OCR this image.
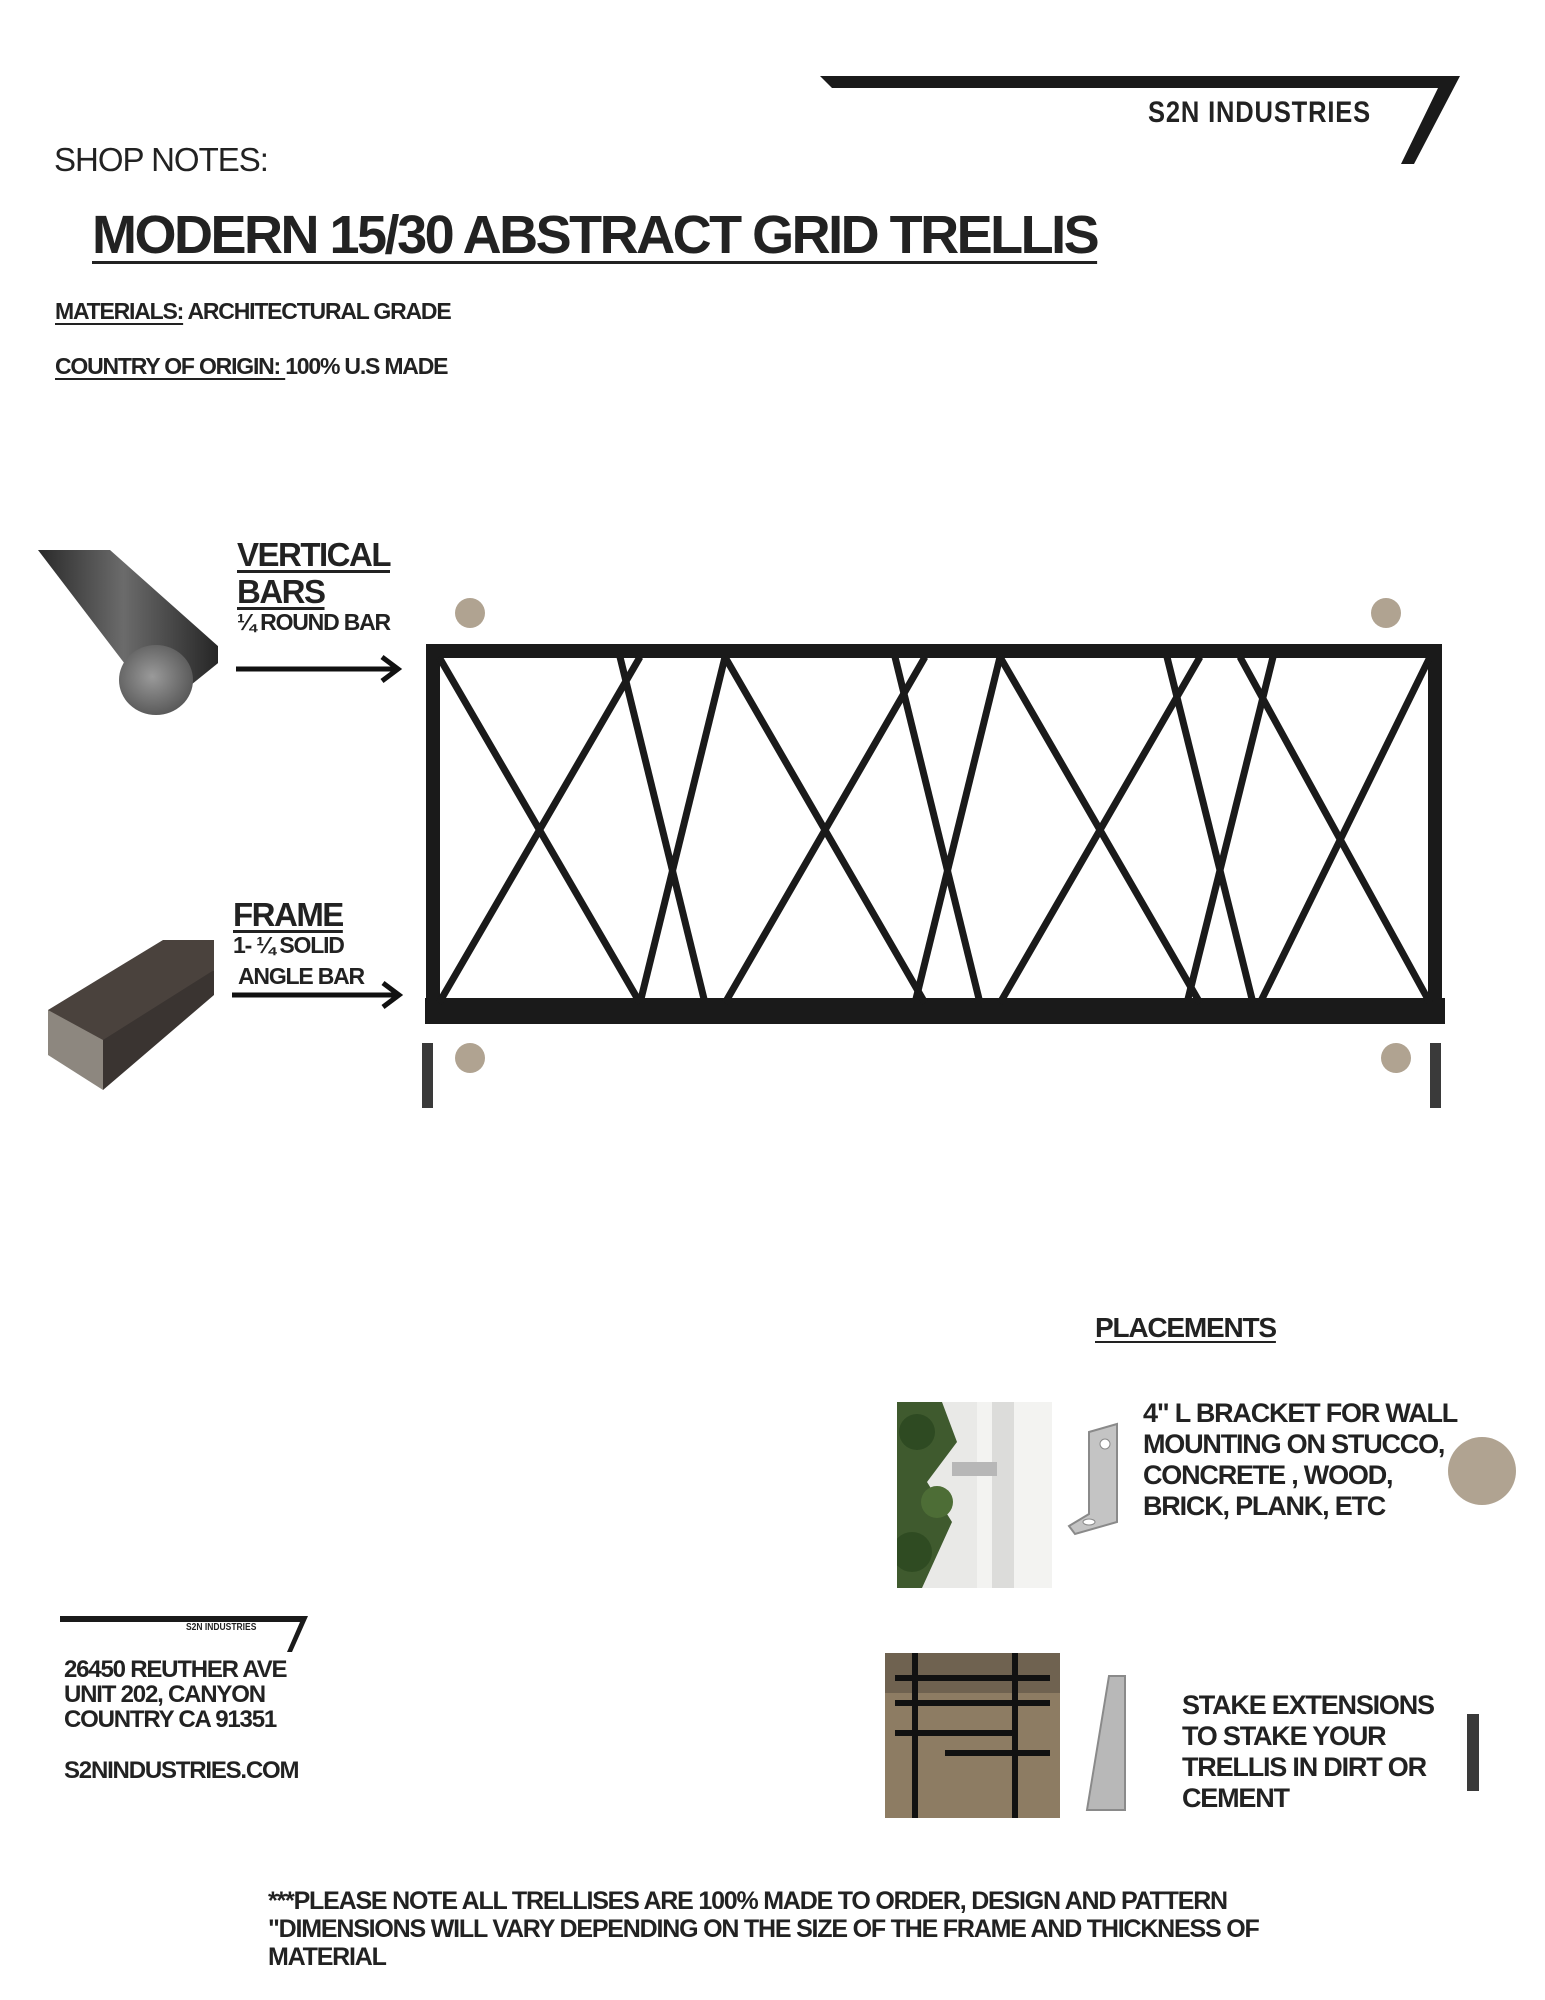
S2N INDUSTRIES
SHOP NOTES:
MODERN 15/30 ABSTRACT GRID TRELLIS
MATERIALS: ARCHITECTURAL GRADE
COUNTRY OF ORIGIN: 100% U.S MADE
VERTICAL
BARS
¼ ROUND BAR
FRAME
1- ¼ SOLID
ANGLE BAR
PLACEMENTS
4" L BRACKET FOR WALL MOUNTING ON STUCCO, CONCRETE , WOOD, BRICK, PLANK, ETC
STAKE EXTENSIONS TO STAKE YOUR TRELLIS IN DIRT OR CEMENT
S2N INDUSTRIES
26450 REUTHER AVE
UNIT 202, CANYON
COUNTRY CA 91351
S2NINDUSTRIES.COM
***PLEASE NOTE ALL TRELLISES ARE 100% MADE TO ORDER, DESIGN AND PATTERN
"DIMENSIONS WILL VARY DEPENDING ON THE SIZE OF THE FRAME AND THICKNESS OF
MATERIAL
